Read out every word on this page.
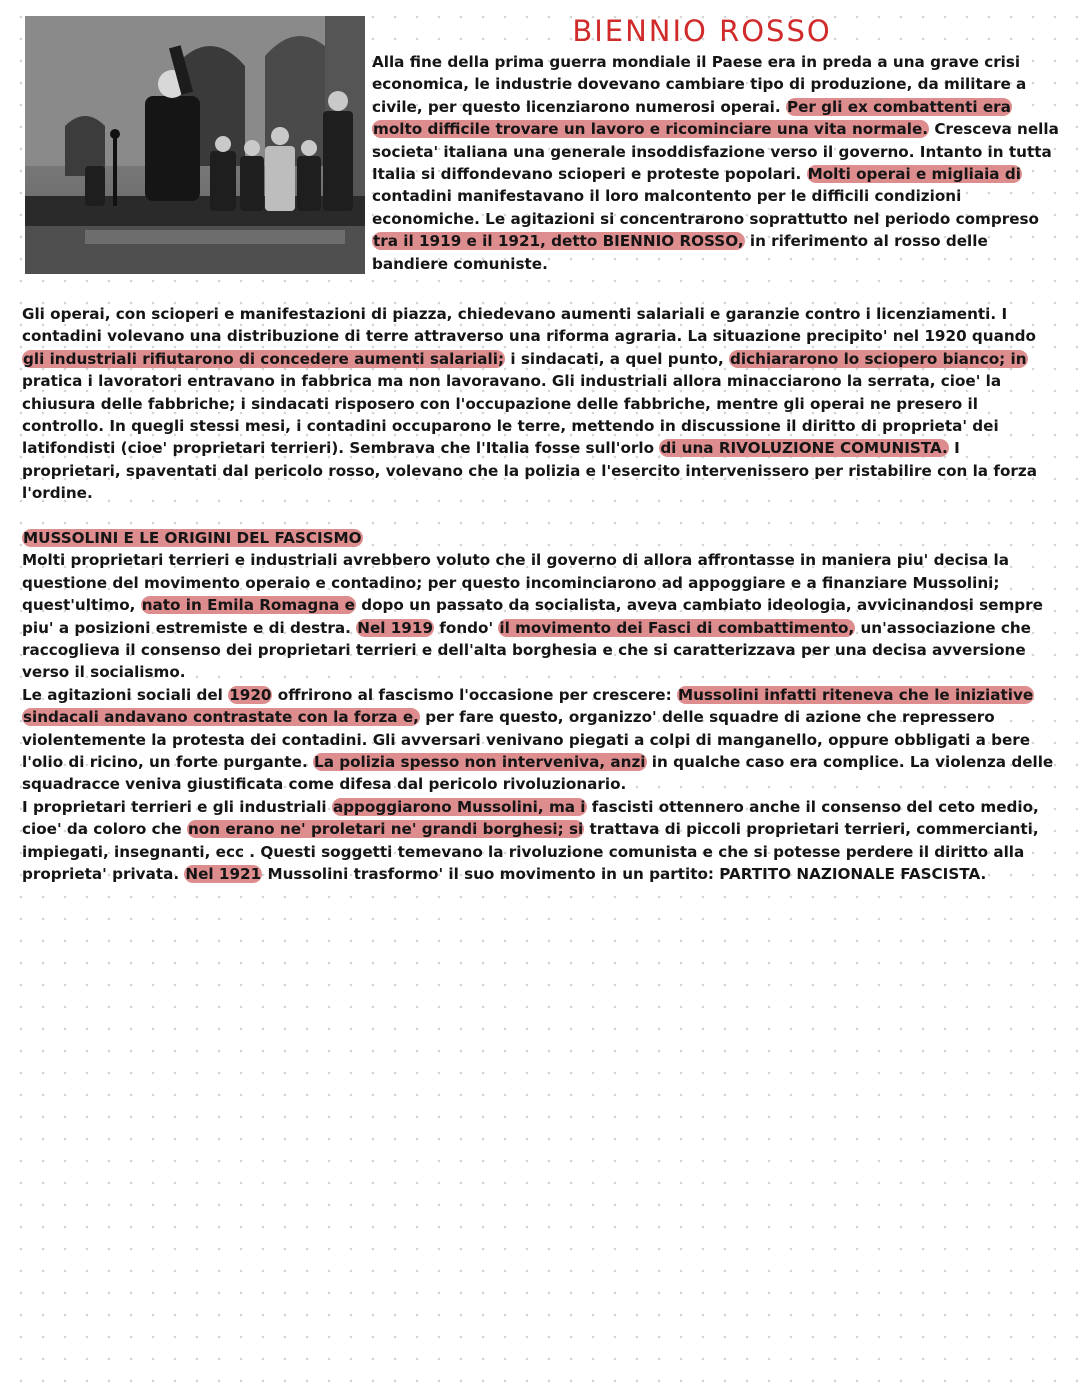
BIENNIO ROSSO

Alla fine della prima guerra mondiale il Paese era in preda a una grave crisi economica, le industrie dovevano cambiare tipo di produzione, da militare a civile, per questo licenziarono numerosi operai. Per gli ex combattenti era molto difficile trovare un lavoro e ricominciare una vita normale. Cresceva nella societa' italiana una generale insoddisfazione verso il governo. Intanto in tutta Italia si diffondevano scioperi e proteste popolari. Molti operai e migliaia di contadini manifestavano il loro malcontento per le difficili condizioni economiche. Le agitazioni si concentrarono soprattutto nel periodo compreso tra il 1919 e il 1921, detto BIENNIO ROSSO, in riferimento al rosso delle bandiere comuniste.

Gli operai, con scioperi e manifestazioni di piazza, chiedevano aumenti salariali e garanzie contro i licenziamenti. I contadini volevano una distribuzione di terre attraverso una riforma agraria. La situazione precipito' nel 1920 quando gli industriali rifiutarono di concedere aumenti salariali; i sindacati, a quel punto, dichiararono lo sciopero bianco; in pratica i lavoratori entravano in fabbrica ma non lavoravano. Gli industriali allora minacciarono la serrata, cioe' la chiusura delle fabbriche; i sindacati risposero con l'occupazione delle fabbriche, mentre gli operai ne presero il controllo. In quegli stessi mesi, i contadini occuparono le terre, mettendo in discussione il diritto di proprieta' dei latifondisti (cioe' proprietari terrieri). Sembrava che l'Italia fosse sull'orlo di una RIVOLUZIONE COMUNISTA. I proprietari, spaventati dal pericolo rosso, volevano che la polizia e l'esercito intervenissero per ristabilire con la forza l'ordine.

MUSSOLINI E LE ORIGINI DEL FASCISMO
Molti proprietari terrieri e industriali avrebbero voluto che il governo di allora affrontasse in maniera piu' decisa la questione del movimento operaio e contadino; per questo incominciarono ad appoggiare e a finanziare Mussolini; quest'ultimo, nato in Emila Romagna e dopo un passato da socialista, aveva cambiato ideologia, avvicinandosi sempre piu' a posizioni estremiste e di destra. Nel 1919 fondo' il movimento dei Fasci di combattimento, un'associazione che raccoglieva il consenso dei proprietari terrieri e dell'alta borghesia e che si caratterizzava per una decisa avversione verso il socialismo.
Le agitazioni sociali del 1920 offrirono al fascismo l'occasione per crescere: Mussolini infatti riteneva che le iniziative sindacali andavano contrastate con la forza e, per fare questo, organizzo' delle squadre di azione che repressero violentemente la protesta dei contadini. Gli avversari venivano piegati a colpi di manganello, oppure obbligati a bere l'olio di ricino, un forte purgante. La polizia spesso non interveniva, anzi in qualche caso era complice. La violenza delle squadracce veniva giustificata come difesa dal pericolo rivoluzionario.
I proprietari terrieri e gli industriali appoggiarono Mussolini, ma i fascisti ottennero anche il consenso del ceto medio, cioe' da coloro che non erano ne' proletari ne' grandi borghesi; si trattava di piccoli proprietari terrieri, commercianti, impiegati, insegnanti, ecc . Questi soggetti temevano la rivoluzione comunista e che si potesse perdere il diritto alla proprieta' privata. Nel 1921 Mussolini trasformo' il suo movimento in un partito: PARTITO NAZIONALE FASCISTA.
